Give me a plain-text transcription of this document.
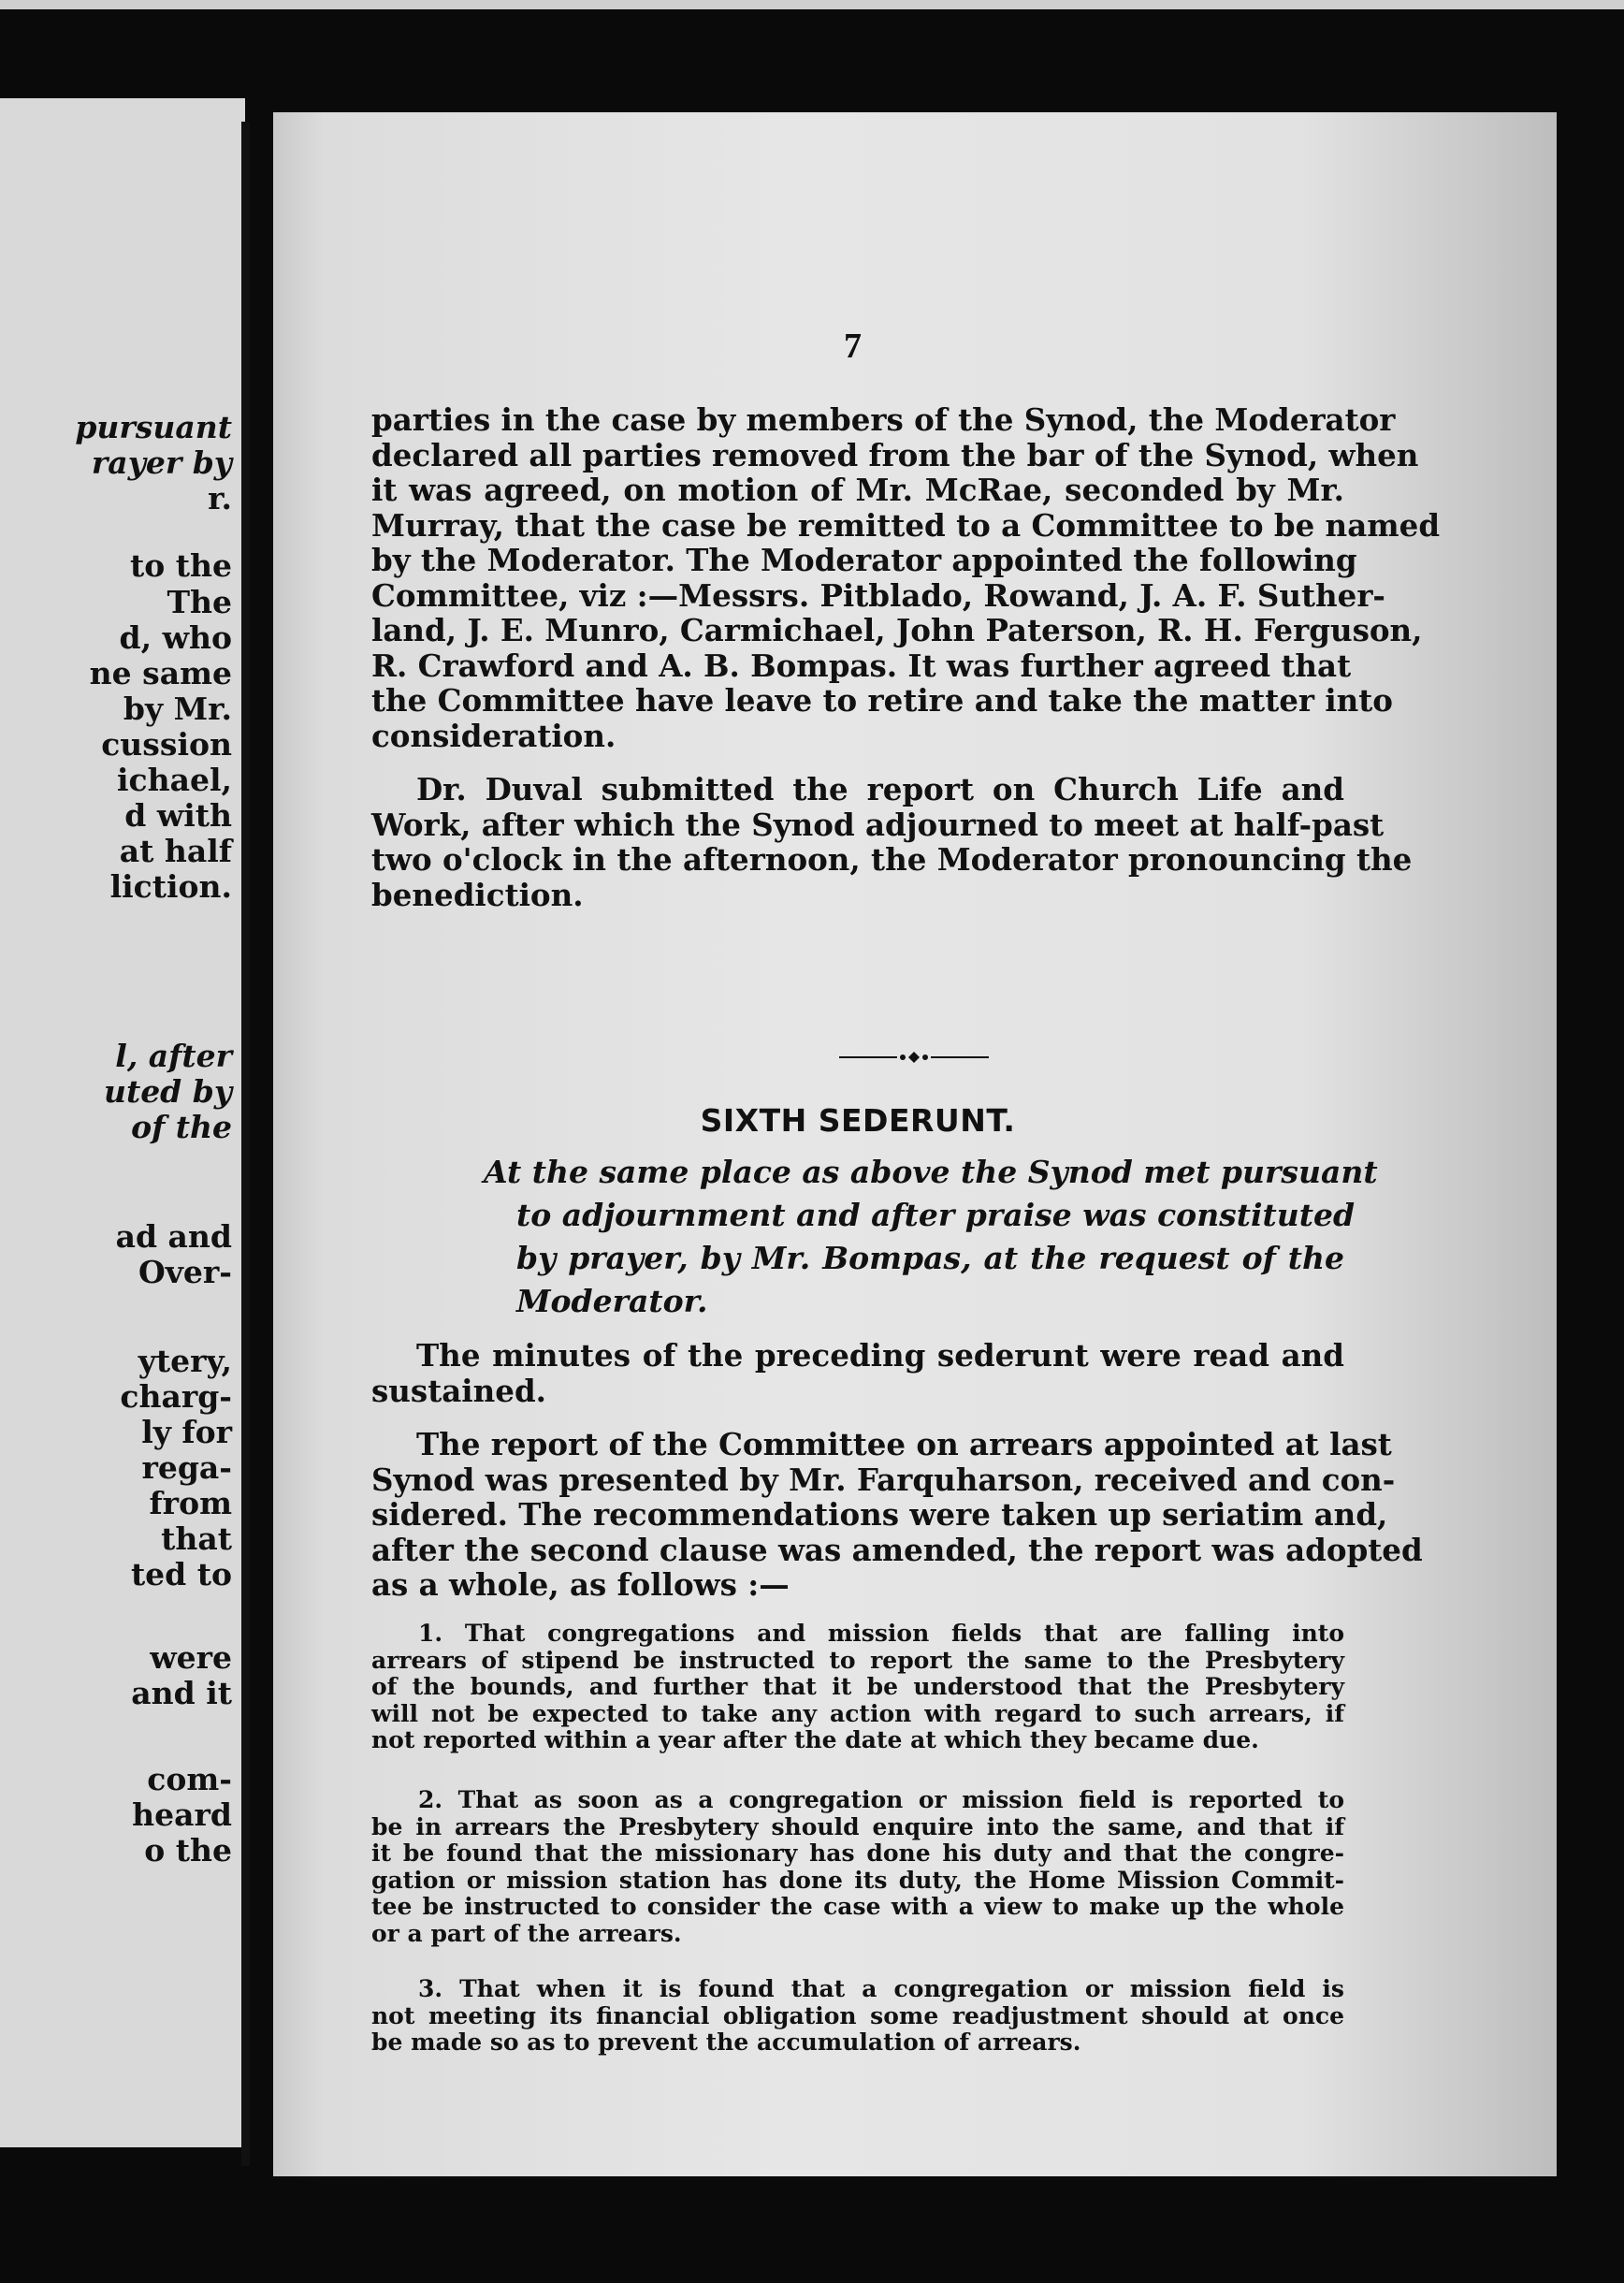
pursuant
rayer by
r.
to the
The
d, who
ne same
by Mr.
cussion
ichael,
d with
at half
liction.
l, after
uted by
of the
ad and
Over-
ytery,
charg-
ly for
rega-
from
that
ted to
were
and it
com-
heard
o the
7

parties in the case by members of the Synod, the Moderator
declared all parties removed from the bar of the Synod, when
it was agreed, on motion of Mr. McRae, seconded by Mr.
Murray, that the case be remitted to a Committee to be named
by the Moderator. The Moderator appointed the following
Committee, viz :—Messrs. Pitblado, Rowand, J. A. F. Suther-
land, J. E. Munro, Carmichael, John Paterson, R. H. Ferguson,
R. Crawford and A. B. Bompas. It was further agreed that
the Committee have leave to retire and take the matter into
consideration.

Dr. Duval submitted the report on Church Life and
Work, after which the Synod adjourned to meet at half-past
two o'clock in the afternoon, the Moderator pronouncing the
benediction.

SIXTH SEDERUNT.
At the same place as above the Synod met pursuant
to adjournment and after praise was constituted
by prayer, by Mr. Bompas, at the request of the
Moderator.

The minutes of the preceding sederunt were read and
sustained.

The report of the Committee on arrears appointed at last
Synod was presented by Mr. Farquharson, received and con-
sidered. The recommendations were taken up seriatim and,
after the second clause was amended, the report was adopted
as a whole, as follows :—

1. That congregations and mission fields that are falling into
arrears of stipend be instructed to report the same to the Presbytery
of the bounds, and further that it be understood that the Presbytery
will not be expected to take any action with regard to such arrears, if
not reported within a year after the date at which they became due.

2. That as soon as a congregation or mission field is reported to
be in arrears the Presbytery should enquire into the same, and that if
it be found that the missionary has done his duty and that the congre-
gation or mission station has done its duty, the Home Mission Commit-
tee be instructed to consider the case with a view to make up the whole
or a part of the arrears.

3. That when it is found that a congregation or mission field is
not meeting its financial obligation some readjustment should at once
be made so as to prevent the accumulation of arrears.
